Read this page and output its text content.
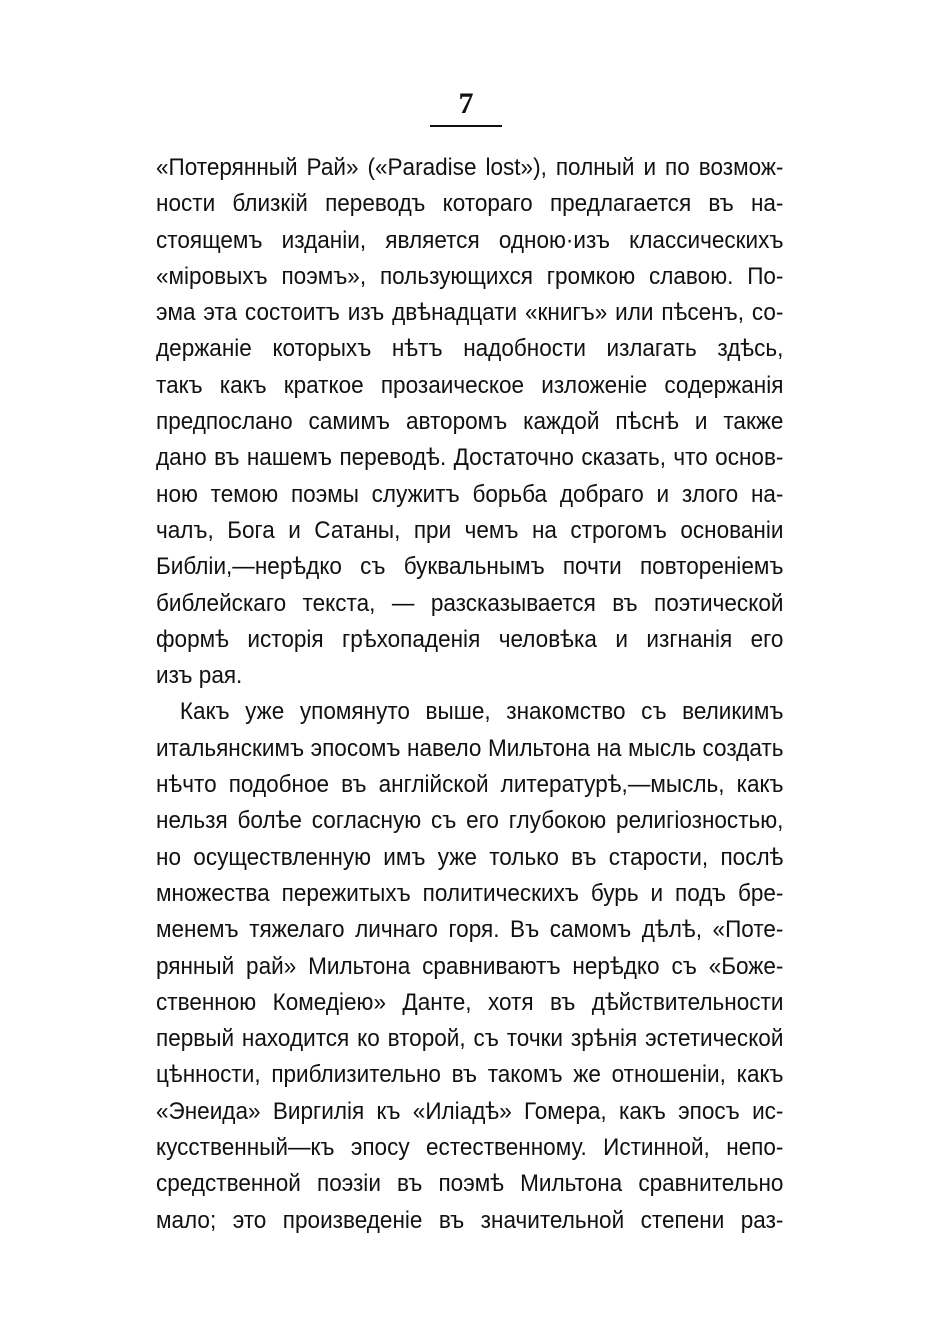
7
«Потерянный Рай» («Paradise lost»), полный и по возмож-
ности близкій переводъ котораго предлагается въ на-
стоящемъ изданіи, является одною·изъ классическихъ
«міровыхъ поэмъ», пользующихся громкою славою. По-
эма эта состоитъ изъ двѣнадцати «книгъ» или пѣсенъ, со-
держаніе которыхъ нѣтъ надобности излагать здѣсь,
такъ какъ краткое прозаическое изложеніе содержанія
предпослано самимъ авторомъ каждой пѣснѣ и также
дано въ нашемъ переводѣ. Достаточно сказать, что основ-
ною темою поэмы служитъ борьба добраго и злого на-
чалъ, Бога и Сатаны, при чемъ на строгомъ основаніи
Библіи,—нерѣдко съ буквальнымъ почти повтореніемъ
библейскаго текста, — разсказывается въ поэтической
формѣ исторія грѣхопаденія человѣка и изгнанія его
изъ рая.
Какъ уже упомянуто выше, знакомство съ великимъ
итальянскимъ эпосомъ навело Мильтона на мысль создать
нѣчто подобное въ англійской литературѣ,—мысль, какъ
нельзя болѣе согласную съ его глубокою религіозностью,
но осуществленную имъ уже только въ старости, послѣ
множества пережитыхъ политическихъ бурь и подъ бре-
менемъ тяжелаго личнаго горя. Въ самомъ дѣлѣ, «Поте-
рянный рай» Мильтона сравниваютъ нерѣдко съ «Боже-
ственною Комедіею» Данте, хотя въ дѣйствительности
первый находится ко второй, съ точки зрѣнія эстетической
цѣнности, приблизительно въ такомъ же отношеніи, какъ
«Энеида» Виргилія къ «Иліадѣ» Гомера, какъ эпосъ ис-
кусственный—къ эпосу естественному. Истинной, непо-
средственной поэзіи въ поэмѣ Мильтона сравнительно
мало; это произведеніе въ значительной степени раз-
